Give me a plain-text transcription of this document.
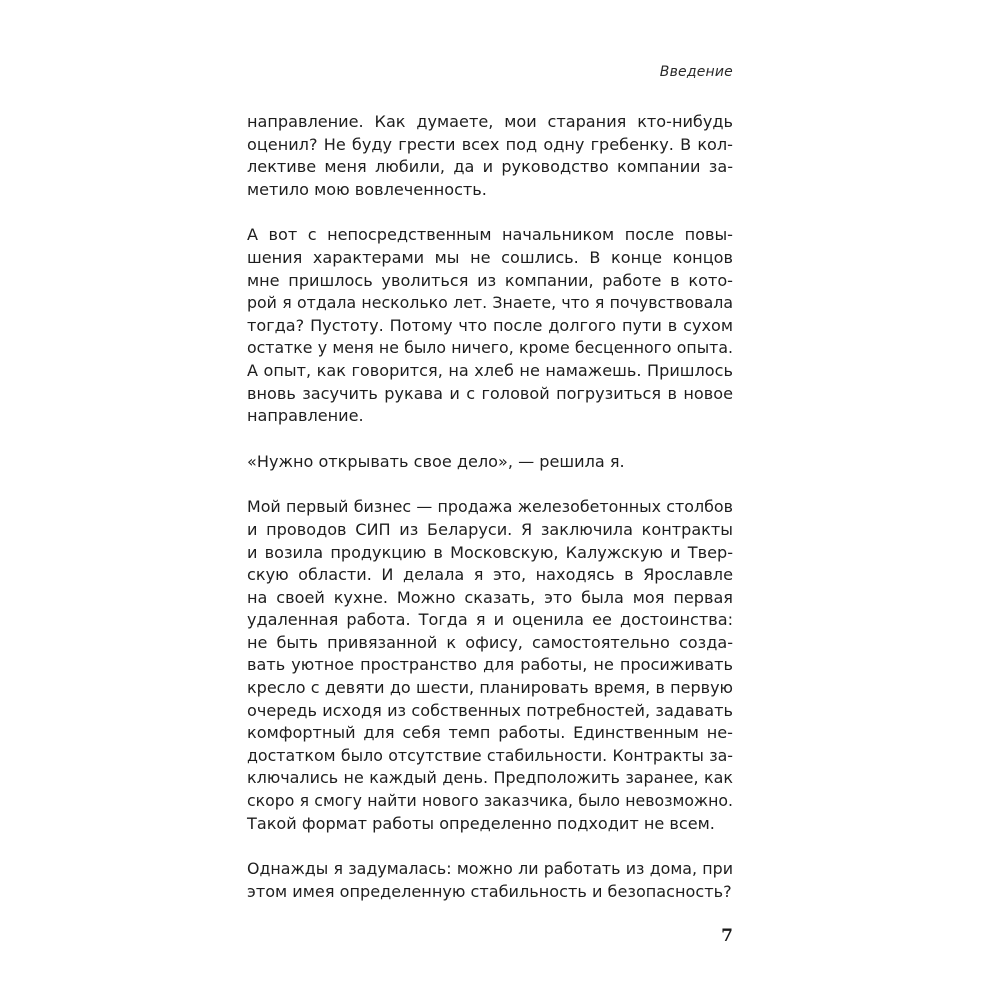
Введение

направление. Как думаете, мои старания кто-нибудь
оценил? Не буду грести всех под одну гребенку. В кол-
лективе меня любили, да и руководство компании за-
метило мою вовлеченность.

А вот с непосредственным начальником после повы-
шения характерами мы не сошлись. В конце концов
мне пришлось уволиться из компании, работе в кото-
рой я отдала несколько лет. Знаете, что я почувствовала
тогда? Пустоту. Потому что после долгого пути в сухом
остатке у меня не было ничего, кроме бесценного опыта.
А опыт, как говорится, на хлеб не намажешь. Пришлось
вновь засучить рукава и с головой погрузиться в новое
направление.

«Нужно открывать свое дело», — решила я.

Мой первый бизнес — продажа железобетонных столбов
и проводов СИП из Беларуси. Я заключила контракты
и возила продукцию в Московскую, Калужскую и Твер-
скую области. И делала я это, находясь в Ярославле
на своей кухне. Можно сказать, это была моя первая
удаленная работа. Тогда я и оценила ее достоинства:
не быть привязанной к офису, самостоятельно созда-
вать уютное пространство для работы, не просиживать
кресло с девяти до шести, планировать время, в первую
очередь исходя из собственных потребностей, задавать
комфортный для себя темп работы. Единственным не-
достатком было отсутствие стабильности. Контракты за-
ключались не каждый день. Предположить заранее, как
скоро я смогу найти нового заказчика, было невозможно.
Такой формат работы определенно подходит не всем.

Однажды я задумалась: можно ли работать из дома, при
этом имея определенную стабильность и безопасность?

7
